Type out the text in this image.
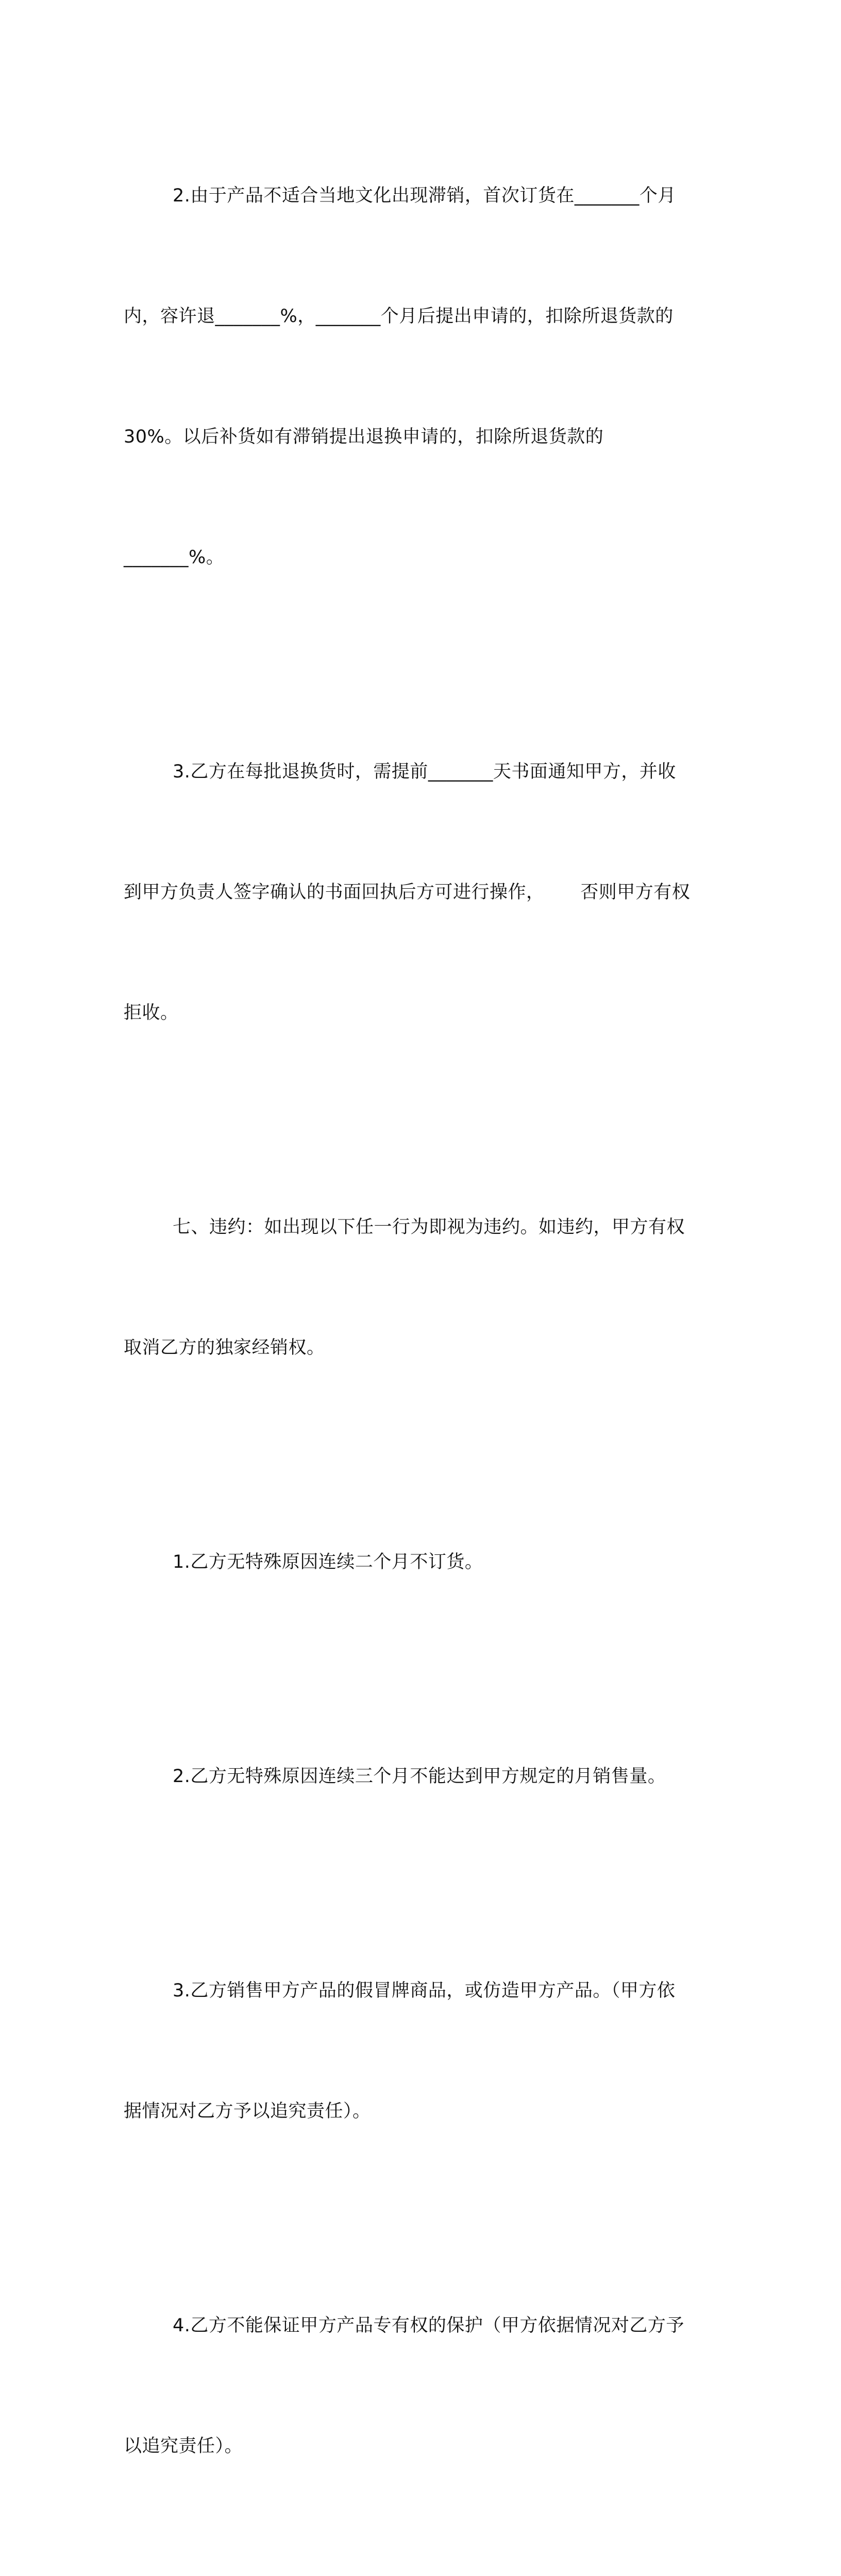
2.由于产品不适合当地文化出现滞销，首次订货在_______个月

内，容许退_______%，_______个月后提出申请的，扣除所退货款的

30%。以后补货如有滞销提出退换申请的，扣除所退货款的

_______%。

3.乙方在每批退换货时，需提前_______天书面通知甲方，并收

到甲方负责人签字确认的书面回执后方可进行操作，      否则甲方有权

拒收。

七、违约：如出现以下任一行为即视为违约。如违约，甲方有权

取消乙方的独家经销权。

1.乙方无特殊原因连续二个月不订货。

2.乙方无特殊原因连续三个月不能达到甲方规定的月销售量。

3.乙方销售甲方产品的假冒牌商品，或仿造甲方产品。（甲方依

据情况对乙方予以追究责任）。

4.乙方不能保证甲方产品专有权的保护（甲方依据情况对乙方予

以追究责任）。
